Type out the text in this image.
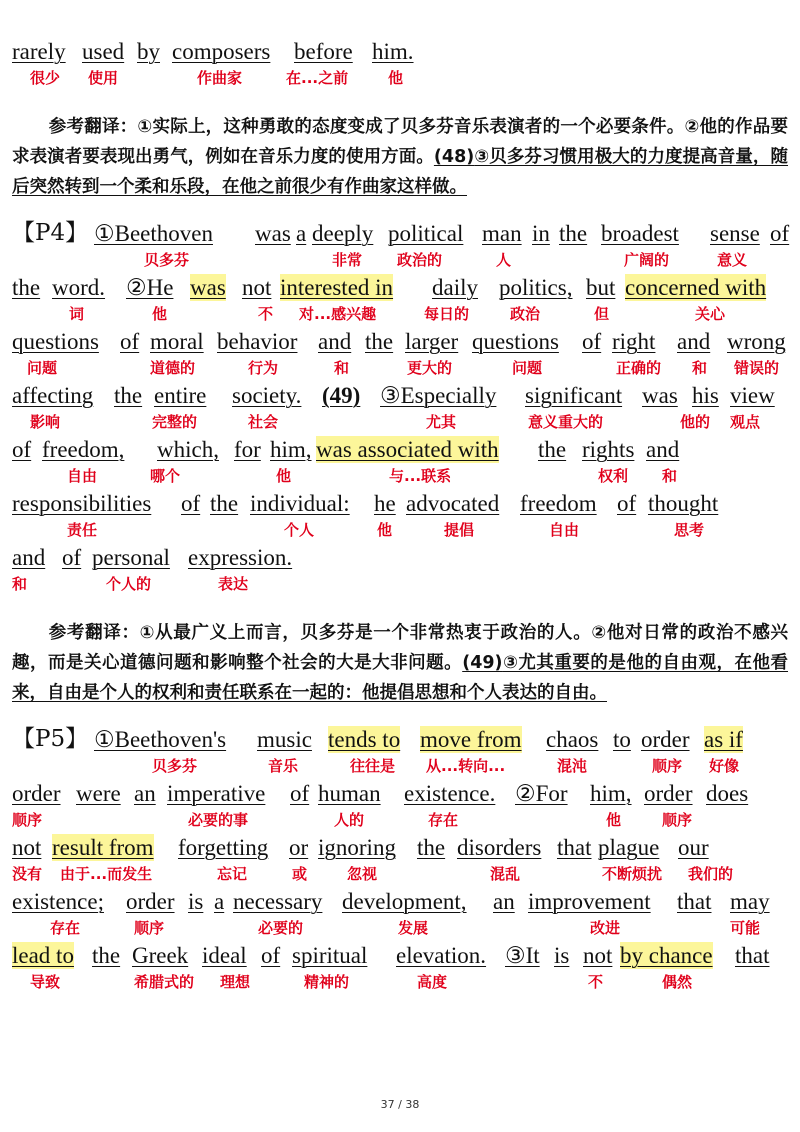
rarely used by composers before him.
很少 使用	作曲家	在...之前	他

参考翻译：①实际上，这种勇敢的态度变成了贝多芬音乐表演者的一个必要条件。②他的作品要求表演者要表现出勇气，例如在音乐力度的使用方面。(48)③贝多芬习惯用极大的力度提高音量，随后突然转到一个柔和乐段，在他之前很少有作曲家这样做。

【P4】 ①Beethoven was a deeply political man in the broadest sense of
贝多芬	非常 政治的	人	广阔的	意义
the word. ②He was not interested in daily politics, but concerned with
词	他	不 对...感兴趣	每日的	政治	但	关心
questions of moral behavior and the larger questions of right and wrong
问题	道德的	行为	和	更大的	问题	正确的 和 错误的
affecting the entire society. (49) ③Especially significant was his view
影响	完整的	社会	尤其	意义重大的	他的 观点
of freedom, which, for him, was associated with the rights and
自由	哪个	他	与...联系	权利 和
responsibilities of the individual: he advocated freedom of thought
责任	个人	他	提倡	自由	思考
and of personal expression.
和	个人的	表达

参考翻译：①从最广义上而言，贝多芬是一个非常热衷于政治的人。②他对日常的政治不感兴趣，而是关心道德问题和影响整个社会的大是大非问题。(49)③尤其重要的是他的自由观，在他看来，自由是个人的权利和责任联系在一起的：他提倡思想和个人表达的自由。

【P5】 ①Beethoven's music tends to move from chaos to order as if
贝多芬	音乐	往往是 从...转向...	混沌	顺序 好像
order were an imperative of human existence. ②For him, order does
顺序	必要的事	人的	存在	他	顺序
not result from forgetting or ignoring the disorders that plague our
没有 由于...而发生	忘记	或	忽视	混乱	不断烦扰 我们的
existence; order is a necessary development, an improvement that may
存在	顺序	必要的	发展	改进	可能
lead to the Greek ideal of spiritual elevation. ③It is not by chance that
导致	希腊式的 理想	精神的	高度	不	偶然
37 / 38
